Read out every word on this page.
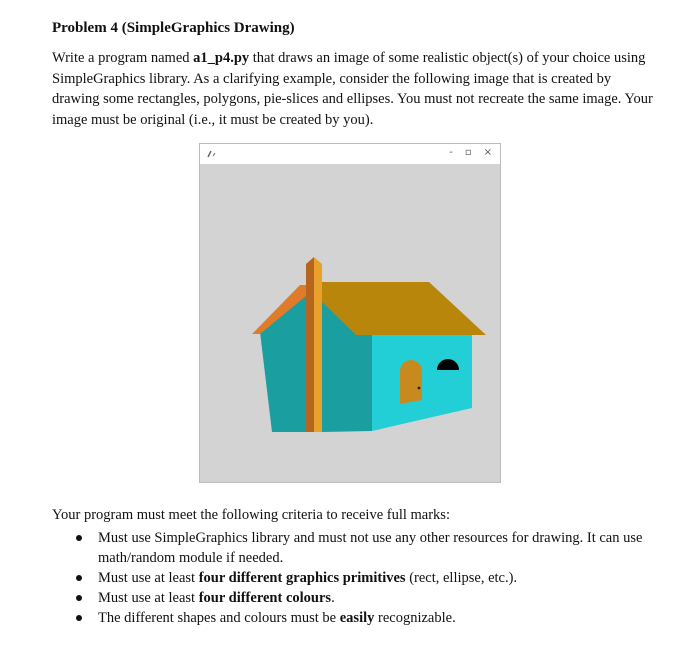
Problem 4 (SimpleGraphics Drawing)
Write a program named a1_p4.py that draws an image of some realistic object(s) of your choice using SimpleGraphics library. As a clarifying example, consider the following image that is created by drawing some rectangles, polygons, pie-slices and ellipses. You must not recreate the same image. Your image must be original (i.e., it must be created by you).
- ▫ ×
Your program must meet the following criteria to receive full marks:
Must use SimpleGraphics library and must not use any other resources for drawing. It can use math/random module if needed.
Must use at least four different graphics primitives (rect, ellipse, etc.).
Must use at least four different colours.
The different shapes and colours must be easily recognizable.
